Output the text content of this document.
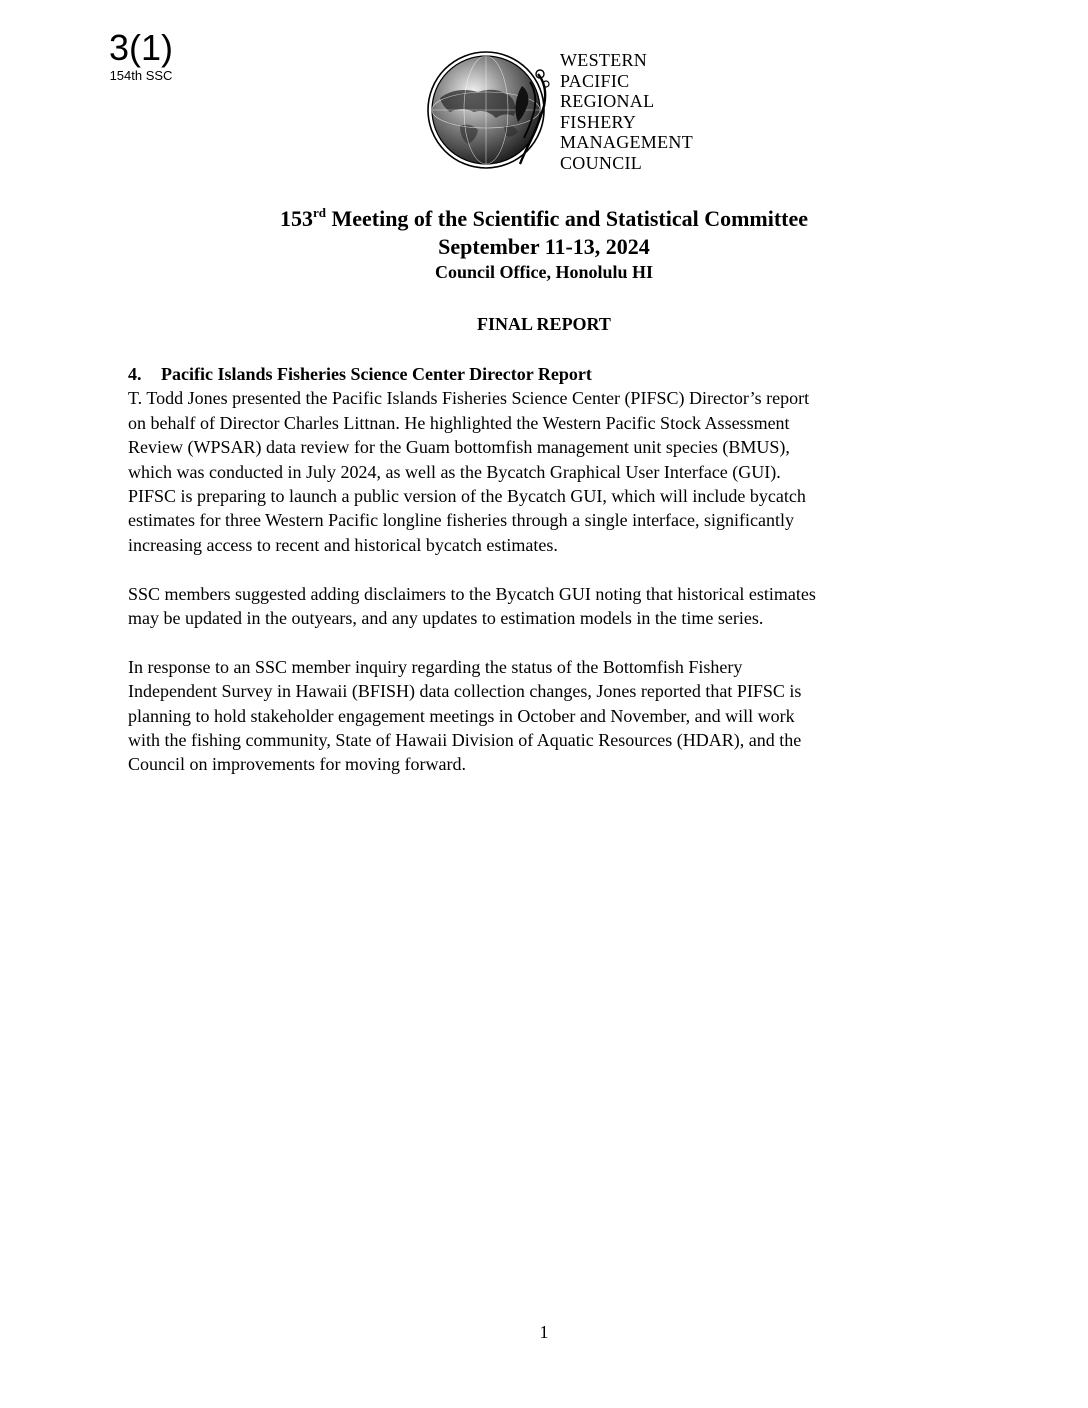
3(1)
154th SSC
WESTERN
PACIFIC
REGIONAL
FISHERY
MANAGEMENT
COUNCIL
153rd Meeting of the Scientific and Statistical Committee
September 11-13, 2024
Council Office, Honolulu HI
FINAL REPORT
4. Pacific Islands Fisheries Science Center Director Report
T. Todd Jones presented the Pacific Islands Fisheries Science Center (PIFSC) Director’s report
on behalf of Director Charles Littnan. He highlighted the Western Pacific Stock Assessment
Review (WPSAR) data review for the Guam bottomfish management unit species (BMUS),
which was conducted in July 2024, as well as the Bycatch Graphical User Interface (GUI).
PIFSC is preparing to launch a public version of the Bycatch GUI, which will include bycatch
estimates for three Western Pacific longline fisheries through a single interface, significantly
increasing access to recent and historical bycatch estimates.
SSC members suggested adding disclaimers to the Bycatch GUI noting that historical estimates
may be updated in the outyears, and any updates to estimation models in the time series.
In response to an SSC member inquiry regarding the status of the Bottomfish Fishery
Independent Survey in Hawaii (BFISH) data collection changes, Jones reported that PIFSC is
planning to hold stakeholder engagement meetings in October and November, and will work
with the fishing community, State of Hawaii Division of Aquatic Resources (HDAR), and the
Council on improvements for moving forward.
1
